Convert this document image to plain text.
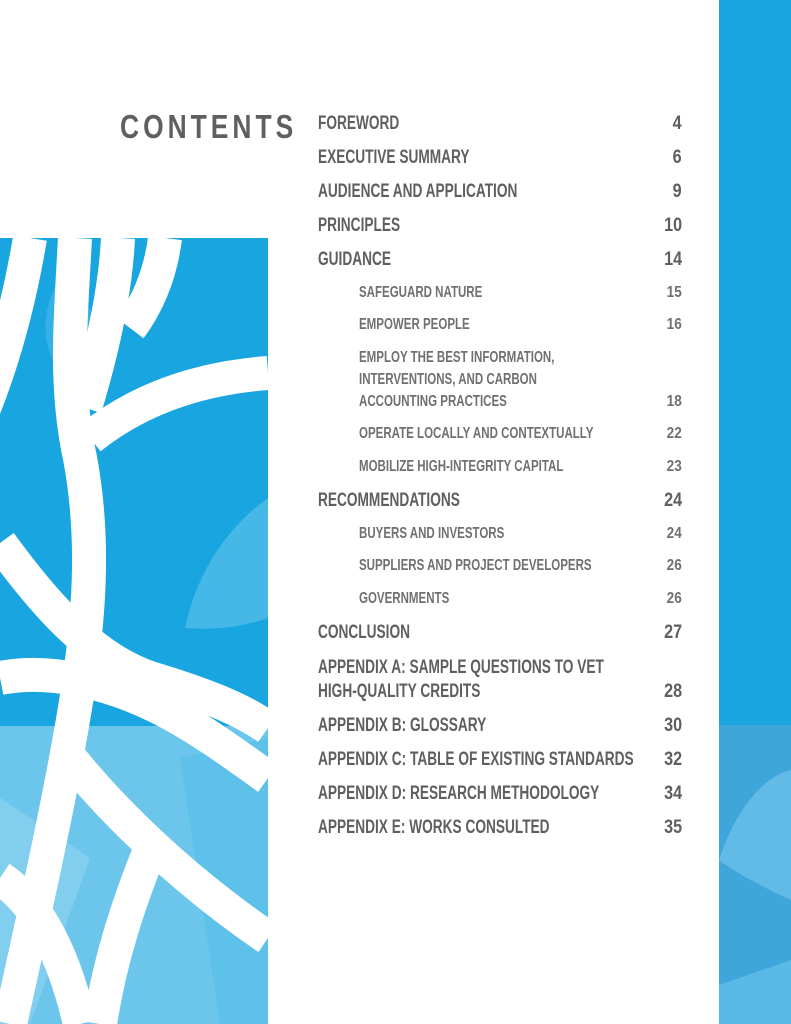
CONTENTS FOREWORD	4
EXECUTIVE SUMMARY	6
AUDIENCE AND APPLICATION	9
PRINCIPLES	10
GUIDANCE	14
SAFEGUARD NATURE	15
EMPOWER PEOPLE	16
EMPLOY THE BEST INFORMATION,
INTERVENTIONS, AND CARBON
ACCOUNTING PRACTICES	18
OPERATE LOCALLY AND CONTEXTUALLY	22
MOBILIZE HIGH-INTEGRITY CAPITAL	23
RECOMMENDATIONS	24
BUYERS AND INVESTORS	24
SUPPLIERS AND PROJECT DEVELOPERS	26
GOVERNMENTS	26
CONCLUSION	27
APPENDIX A: SAMPLE QUESTIONS TO VET
HIGH-QUALITY CREDITS	28
APPENDIX B: GLOSSARY	30
APPENDIX C: TABLE OF EXISTING STANDARDS 32
APPENDIX D: RESEARCH METHODOLOGY	34
APPENDIX E: WORKS CONSULTED	35
